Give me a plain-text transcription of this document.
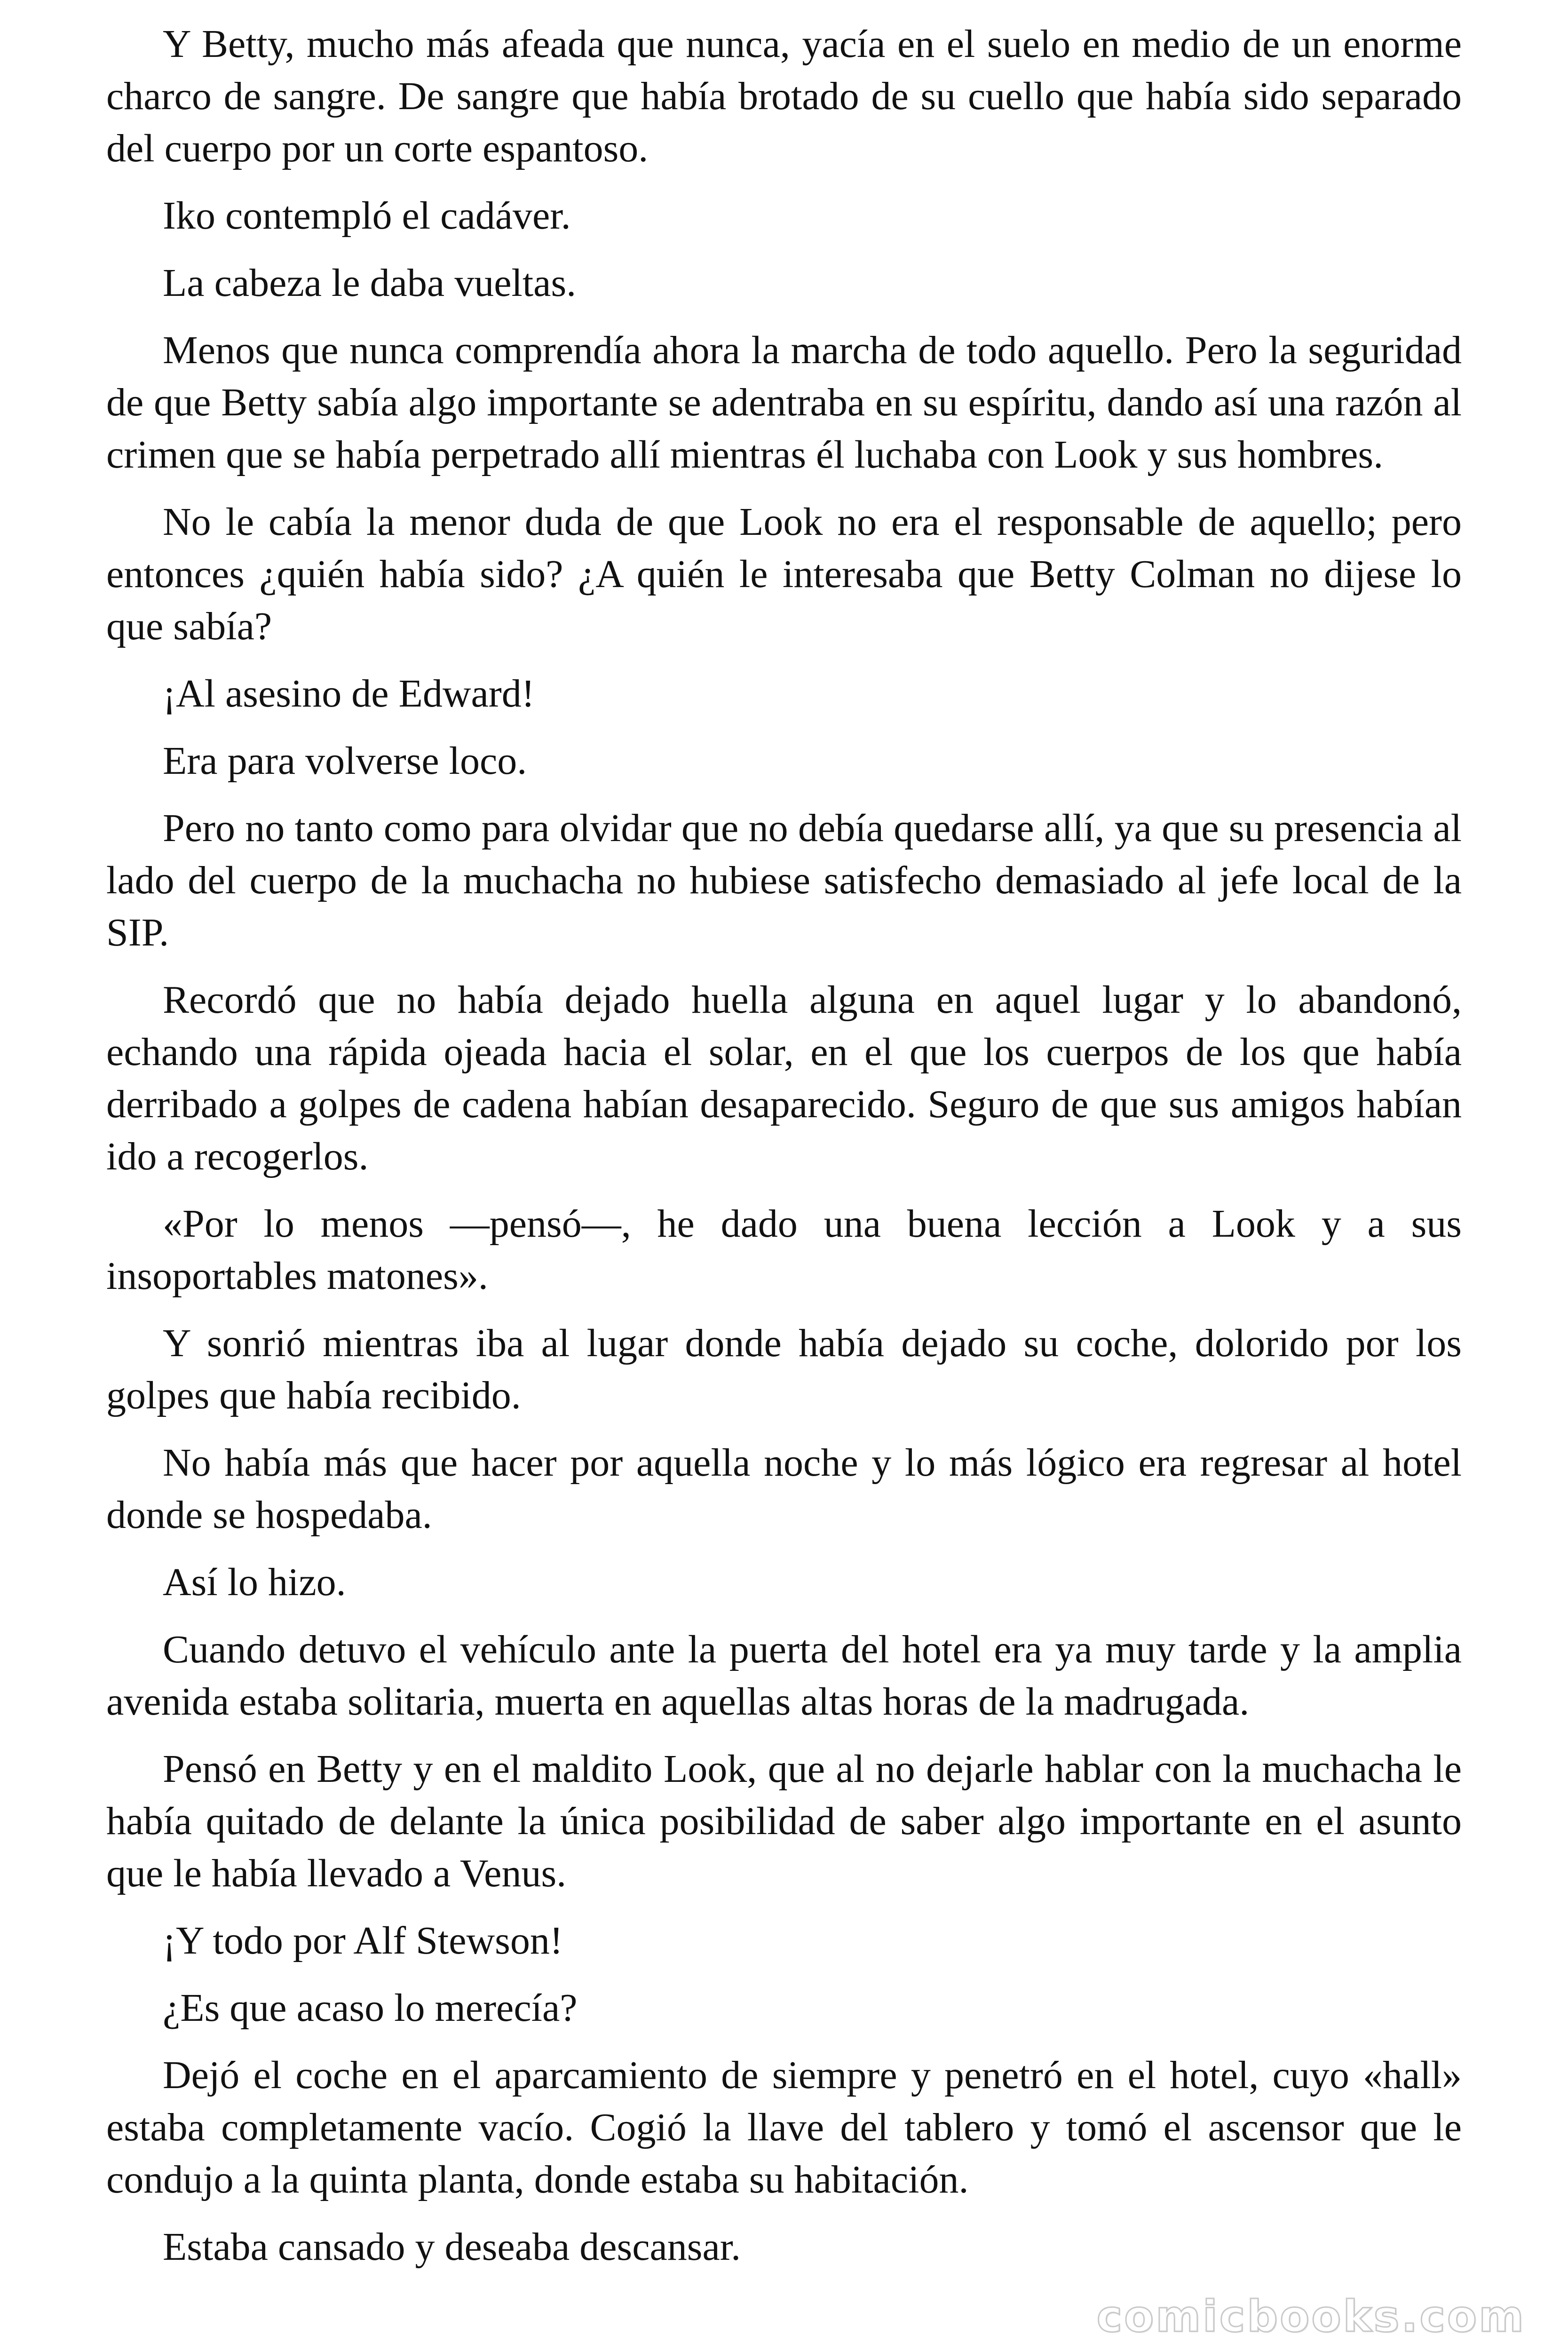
Y Betty, mucho más afeada que nunca, yacía en el suelo en medio de un enorme charco de sangre. De sangre que había brotado de su cuello que había sido separado del cuerpo por un corte espantoso.

Iko contempló el cadáver.

La cabeza le daba vueltas.

Menos que nunca comprendía ahora la marcha de todo aquello. Pero la seguridad de que Betty sabía algo importante se adentraba en su espíritu, dando así una razón al crimen que se había perpetrado allí mientras él luchaba con Look y sus hombres.

No le cabía la menor duda de que Look no era el responsable de aquello; pero entonces ¿quién había sido? ¿A quién le interesaba que Betty Colman no dijese lo que sabía?

¡Al asesino de Edward!

Era para volverse loco.

Pero no tanto como para olvidar que no debía quedarse allí, ya que su presencia al lado del cuerpo de la muchacha no hubiese satisfecho demasiado al jefe local de la SIP.

Recordó que no había dejado huella alguna en aquel lugar y lo abandonó, echando una rápida ojeada hacia el solar, en el que los cuerpos de los que había derribado a golpes de cadena habían desaparecido. Seguro de que sus amigos habían ido a recogerlos.

«Por lo menos —pensó—, he dado una buena lección a Look y a sus insoportables matones».

Y sonrió mientras iba al lugar donde había dejado su coche, dolorido por los golpes que había recibido.

No había más que hacer por aquella noche y lo más lógico era regresar al hotel donde se hospedaba.

Así lo hizo.

Cuando detuvo el vehículo ante la puerta del hotel era ya muy tarde y la amplia avenida estaba solitaria, muerta en aquellas altas horas de la madrugada.

Pensó en Betty y en el maldito Look, que al no dejarle hablar con la muchacha le había quitado de delante la única posibilidad de saber algo importante en el asunto que le había llevado a Venus.

¡Y todo por Alf Stewson!

¿Es que acaso lo merecía?

Dejó el coche en el aparcamiento de siempre y penetró en el hotel, cuyo «hall» estaba completamente vacío. Cogió la llave del tablero y tomó el ascensor que le condujo a la quinta planta, donde estaba su habitación.

Estaba cansado y deseaba descansar.

comicbooks.com
